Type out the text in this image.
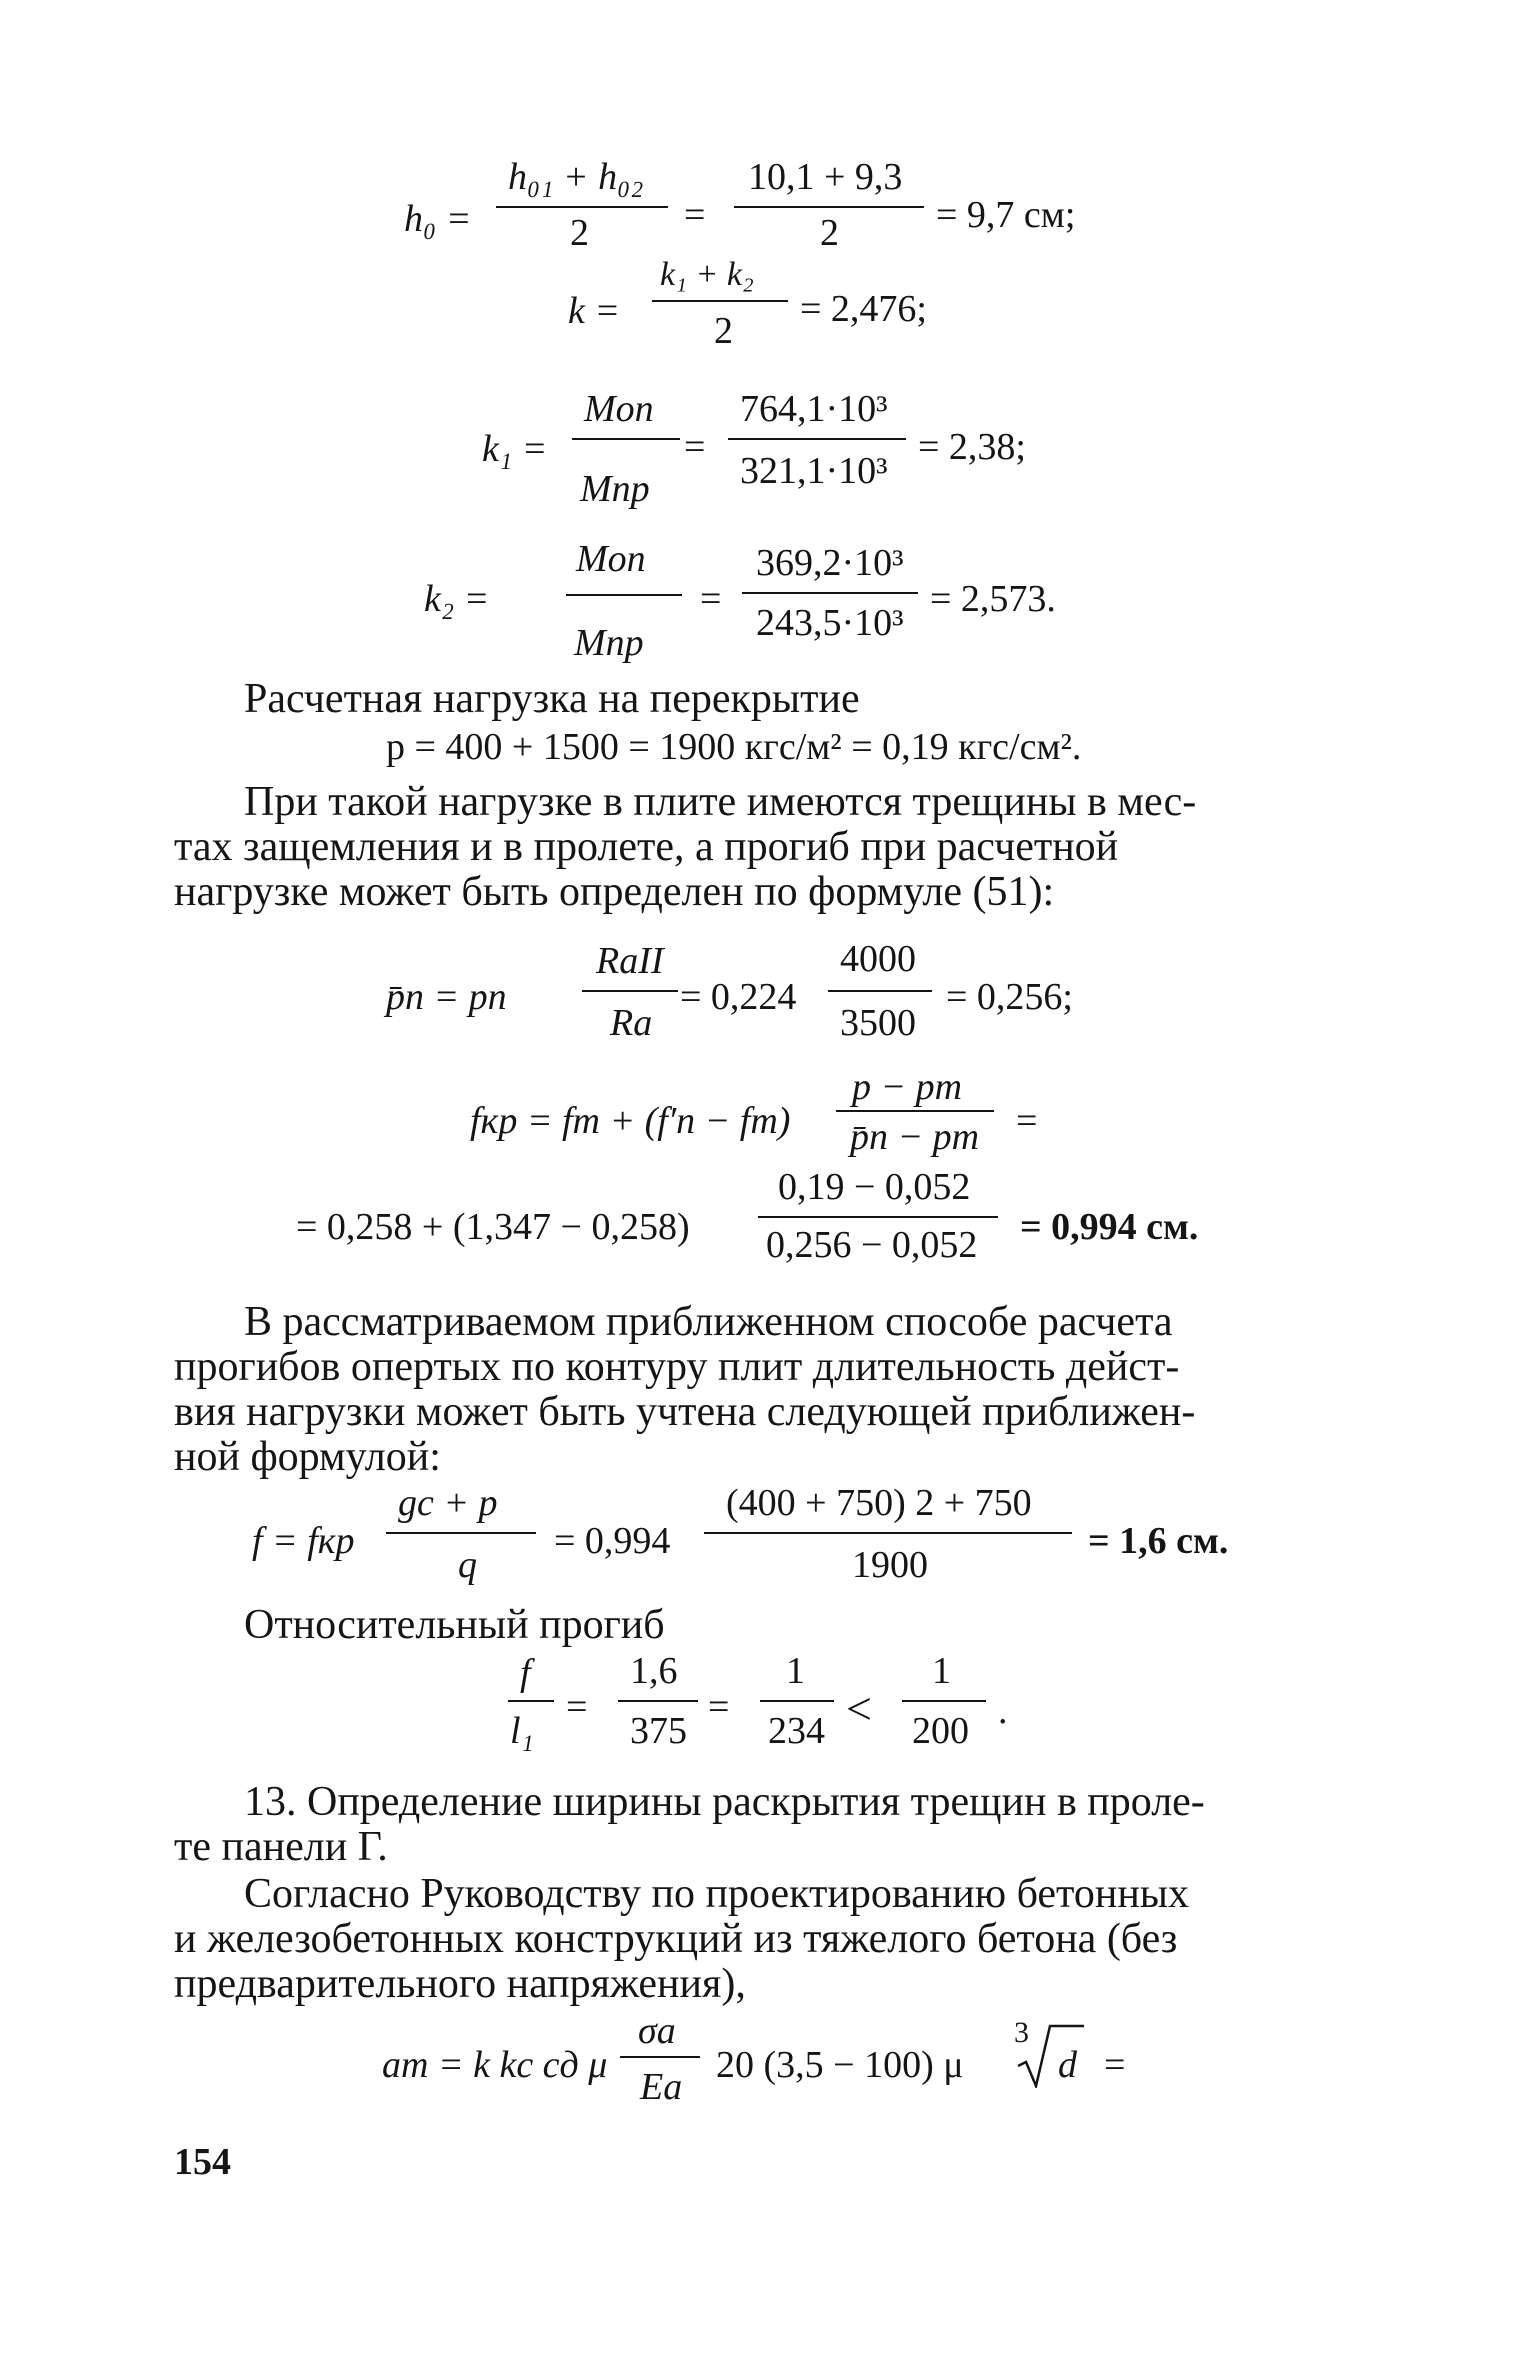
h₀ =
h₀₁ + h₀₂
2	=
10,1 + 9,3
2	= 9,7 см;
k =
k₁ + k₂
2
= 2,476;
k₁ =
Mоп
Mпр
=
764,1·10³
321,1·10³
= 2,38;
k₂ =
Mоп
Mпр
=
369,2·10³
243,5·10³
= 2,573.
Расчетная нагрузка на перекрытие
p = 400 + 1500 = 1900 кгс/м² = 0,19 кгс/см².
При такой нагрузке в плите имеются трещины в мес-
тах защемления и в пролете, а прогиб при расчетной
нагрузке может быть определен по формуле (51):
p̄п = pп
RaII
Ra
= 0,224
4000
3500
= 0,256;
fкр = fт + (f′п − fт)
p − pт
p̄п − pт =
= 0,258 + (1,347 − 0,258)
0,19 − 0,052
0,256 − 0,052 = 0,994 см.
В рассматриваемом приближенном способе расчета
прогибов опертых по контуру плит длительность дейст-
вия нагрузки может быть учтена следующей приближен-
ной формулой:
f = fкр
gc + p
q
= 0,994
(400 + 750) 2 + 750
1900
= 1,6 см.
Относительный прогиб
f
l₁
=
1,6
375
=
1
234 <
1
200 .
13. Определение ширины раскрытия трещин в проле-
те панели Г.
Согласно Руководству по проектированию бетонных
и железобетонных конструкций из тяжелого бетона (без
предварительного напряжения),
aт = k kс cд μ
σa
Ea
20 (3,5 − 100) μ
3
d =
154
